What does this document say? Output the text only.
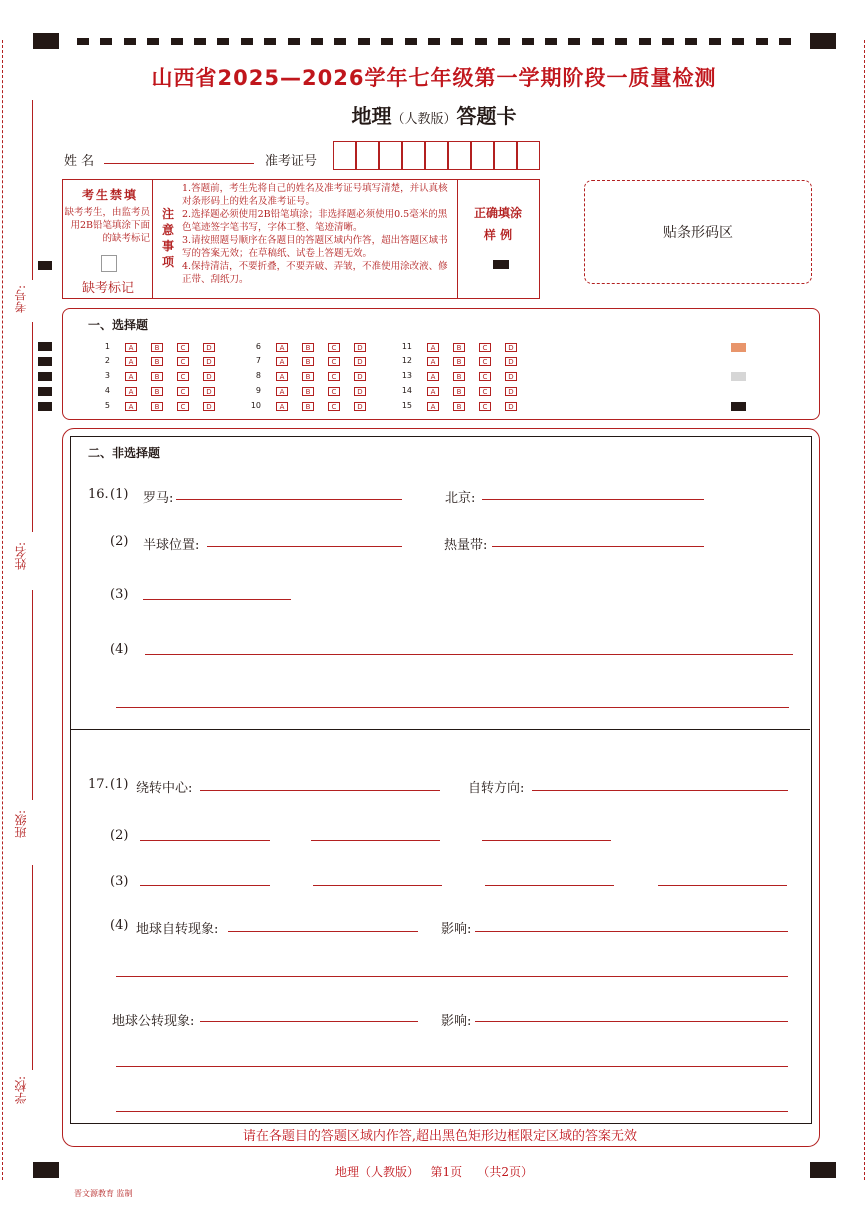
山西省2025—2026学年七年级第一学期阶段一质量检测
地理（人教版）答题卡
姓 名	准考证号
考生禁填
缺考考生，由监考员用2B铅笔填涂下面的缺考标记
缺考标记
注意事项
1.答题前，考生先将自己的姓名及准考证号填写清楚，并认真核对条形码上的姓名及准考证号。
2.选择题必须使用2B铅笔填涂；非选择题必须使用0.5毫米的黑色笔迹签字笔书写，字体工整、笔迹清晰。
3.请按照题号顺序在各题目的答题区域内作答，超出答题区域书写的答案无效；在草稿纸、试卷上答题无效。
4.保持清洁，不要折叠，不要弄破、弄皱，不准使用涂改液、修正带、刮纸刀。
正确填涂
样 例	贴条形码区
考号:
姓名:
班级:
学校:
一、选择题
1	A	B	C	D
2	A	B	C	D
3	A	B	C	D
4	A	B	C	D
5	A	B	C	D
6	A	B	C	D
7	A	B	C	D
8	A	B	C	D
9	A	B	C	D
10	A	B	C	D
11	A	B	C	D
12	A	B	C	D
13	A	B	C	D
14	A	B	C	D
15	A	B	C	D
二、非选择题
16. (1) 罗马:	北京:
(2) 半球位置:	热量带:
(3)
(4)
17. (1) 绕转中心:	自转方向:
(2)
(3)
(4) 地球自转现象:	影响:
地球公转现象:	影响:
请在各题目的答题区域内作答,超出黑色矩形边框限定区域的答案无效
地理（人教版） 第1页 （共2页）
晋文源教育 监制
